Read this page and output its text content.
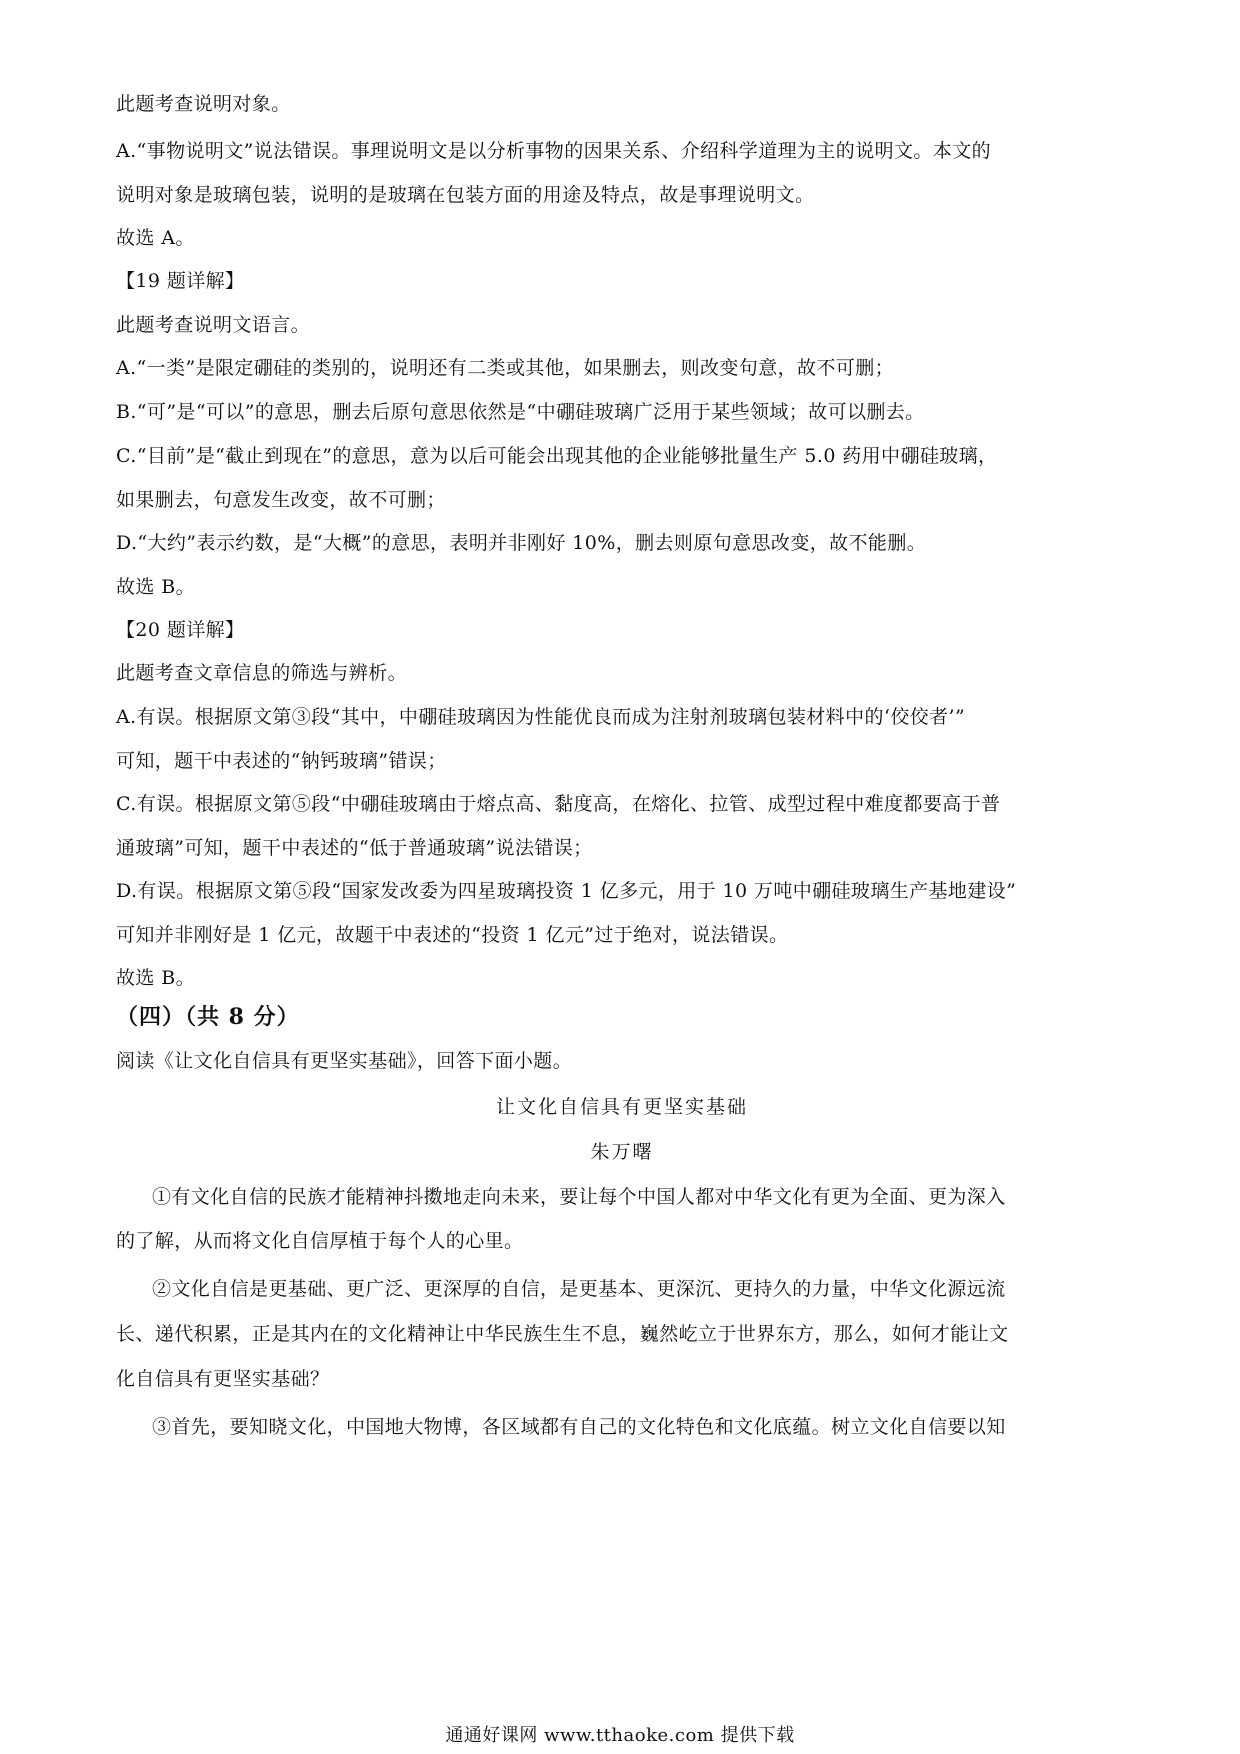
此题考查说明对象。
A.“事物说明文”说法错误。事理说明文是以分析事物的因果关系、介绍科学道理为主的说明文。本文的
说明对象是玻璃包装，说明的是玻璃在包装方面的用途及特点，故是事理说明文。
故选 A。
【19 题详解】
此题考查说明文语言。
A.“一类”是限定硼硅的类别的，说明还有二类或其他，如果删去，则改变句意，故不可删；
B.“可”是“可以”的意思，删去后原句意思依然是“中硼硅玻璃广泛用于某些领域；故可以删去。
C.“目前”是“截止到现在”的意思，意为以后可能会出现其他的企业能够批量生产 5.0 药用中硼硅玻璃，
如果删去，句意发生改变，故不可删；
D.“大约”表示约数，是“大概”的意思，表明并非刚好 10%，删去则原句意思改变，故不能删。
故选 B。
【20 题详解】
此题考查文章信息的筛选与辨析。
A.有误。根据原文第③段“其中，中硼硅玻璃因为性能优良而成为注射剂玻璃包装材料中的‘佼佼者’”
可知，题干中表述的“钠钙玻璃”错误；
C.有误。根据原文第⑤段“中硼硅玻璃由于熔点高、黏度高，在熔化、拉管、成型过程中难度都要高于普
通玻璃”可知，题干中表述的“低于普通玻璃”说法错误；
D.有误。根据原文第⑤段“国家发改委为四星玻璃投资 1 亿多元，用于 10 万吨中硼硅玻璃生产基地建设”
可知并非刚好是 1 亿元，故题干中表述的“投资 1 亿元”过于绝对，说法错误。
故选 B。
（四）（共 8 分）
阅读《让文化自信具有更坚实基础》，回答下面小题。
让文化自信具有更坚实基础
朱万曙
①有文化自信的民族才能精神抖擞地走向未来，要让每个中国人都对中华文化有更为全面、更为深入
的了解，从而将文化自信厚植于每个人的心里。
②文化自信是更基础、更广泛、更深厚的自信，是更基本、更深沉、更持久的力量，中华文化源远流
长、递代积累，正是其内在的文化精神让中华民族生生不息，巍然屹立于世界东方，那么，如何才能让文
化自信具有更坚实基础？
③首先，要知晓文化，中国地大物博，各区域都有自己的文化特色和文化底蕴。树立文化自信要以知
通通好课网 www.tthaoke.com 提供下载
